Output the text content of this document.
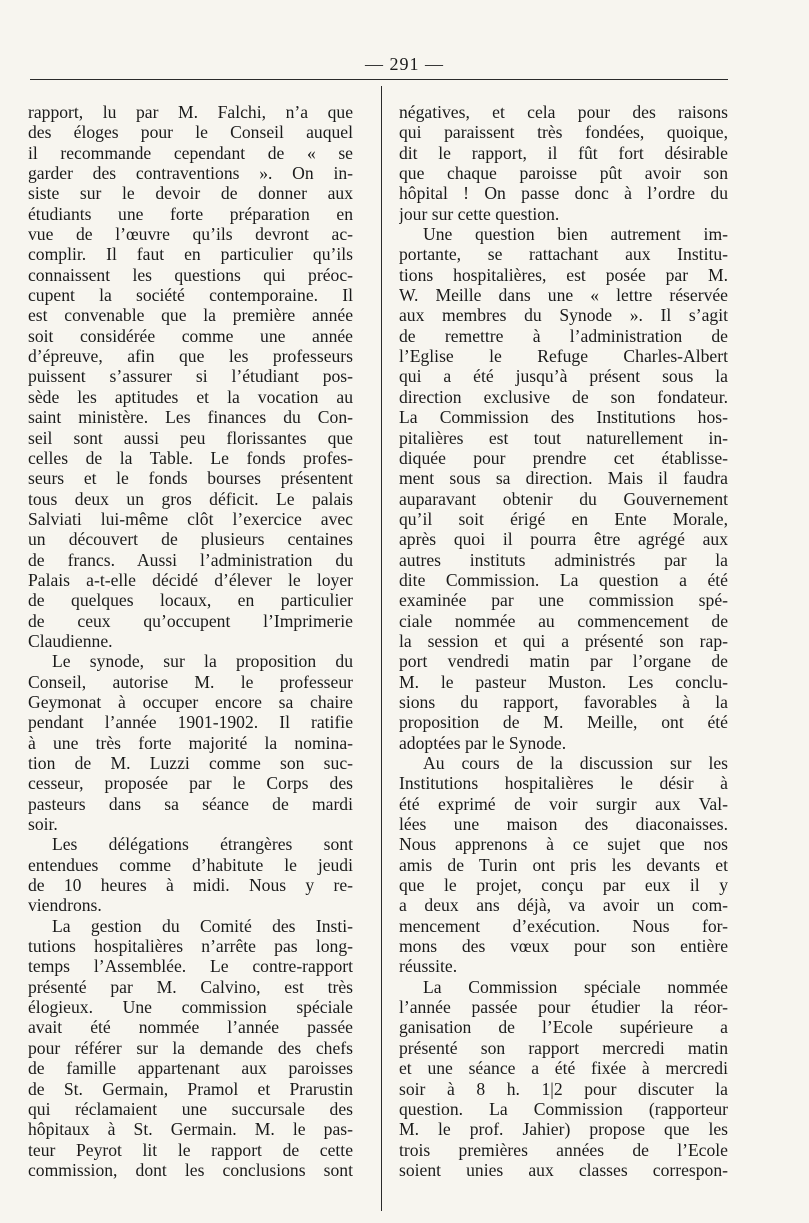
— 291 —

rapport, lu par M. Falchi, n’a que
des éloges pour le Conseil auquel
il recommande cependant de « se
garder des contraventions ». On in-
siste sur le devoir de donner aux
étudiants une forte préparation en
vue de l’œuvre qu’ils devront ac-
complir. Il faut en particulier qu’ils
connaissent les questions qui préoc-
cupent la société contemporaine. Il
est convenable que la première année
soit considérée comme une année
d’épreuve, afin que les professeurs
puissent s’assurer si l’étudiant pos-
sède les aptitudes et la vocation au
saint ministère. Les finances du Con-
seil sont aussi peu florissantes que
celles de la Table. Le fonds profes-
seurs et le fonds bourses présentent
tous deux un gros déficit. Le palais
Salviati lui-même clôt l’exercice avec
un découvert de plusieurs centaines
de francs. Aussi l’administration du
Palais a-t-elle décidé d’élever le loyer
de quelques locaux, en particulier
de ceux qu’occupent l’Imprimerie
Claudienne.

Le synode, sur la proposition du
Conseil, autorise M. le professeur
Geymonat à occuper encore sa chaire
pendant l’année 1901-1902. Il ratifie
à une très forte majorité la nomina-
tion de M. Luzzi comme son suc-
cesseur, proposée par le Corps des
pasteurs dans sa séance de mardi
soir.

Les délégations étrangères sont
entendues comme d’habitute le jeudi
de 10 heures à midi. Nous y re-
viendrons.

La gestion du Comité des Insti-
tutions hospitalières n’arrête pas long-
temps l’Assemblée. Le contre-rapport
présenté par M. Calvino, est très
élogieux. Une commission spéciale
avait été nommée l’année passée
pour référer sur la demande des chefs
de famille appartenant aux paroisses
de St. Germain, Pramol et Prarustin
qui réclamaient une succursale des
hôpitaux à St. Germain. M. le pas-
teur Peyrot lit le rapport de cette
commission, dont les conclusions sont

négatives, et cela pour des raisons
qui paraissent très fondées, quoique,
dit le rapport, il fût fort désirable
que chaque paroisse pût avoir son
hôpital ! On passe donc à l’ordre du
jour sur cette question.

Une question bien autrement im-
portante, se rattachant aux Institu-
tions hospitalières, est posée par M.
W. Meille dans une « lettre réservée
aux membres du Synode ». Il s’agit
de remettre à l’administration de
l’Eglise le Refuge Charles-Albert
qui a été jusqu’à présent sous la
direction exclusive de son fondateur.
La Commission des Institutions hos-
pitalières est tout naturellement in-
diquée pour prendre cet établisse-
ment sous sa direction. Mais il faudra
auparavant obtenir du Gouvernement
qu’il soit érigé en Ente Morale,
après quoi il pourra être agrégé aux
autres instituts administrés par la
dite Commission. La question a été
examinée par une commission spé-
ciale nommée au commencement de
la session et qui a présenté son rap-
port vendredi matin par l’organe de
M. le pasteur Muston. Les conclu-
sions du rapport, favorables à la
proposition de M. Meille, ont été
adoptées par le Synode.

Au cours de la discussion sur les
Institutions hospitalières le désir à
été exprimé de voir surgir aux Val-
lées une maison des diaconaisses.
Nous apprenons à ce sujet que nos
amis de Turin ont pris les devants et
que le projet, conçu par eux il y
a deux ans déjà, va avoir un com-
mencement d’exécution. Nous for-
mons des vœux pour son entière
réussite.

La Commission spéciale nommée
l’année passée pour étudier la réor-
ganisation de l’Ecole supérieure a
présenté son rapport mercredi matin
et une séance a été fixée à mercredi
soir à 8 h. 1|2 pour discuter la
question. La Commission (rapporteur
M. le prof. Jahier) propose que les
trois premières années de l’Ecole
soient unies aux classes correspon-
